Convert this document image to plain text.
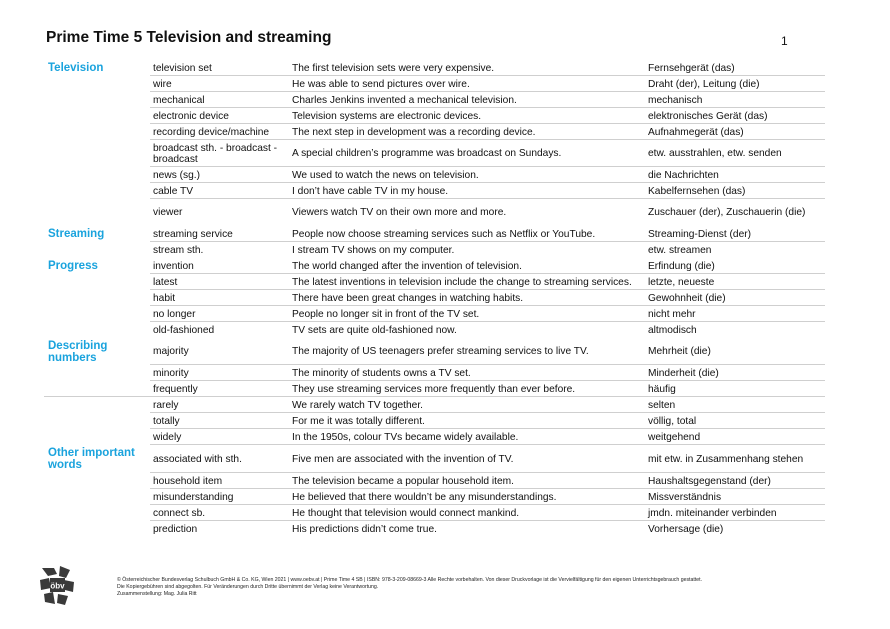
Prime Time 5 Television and streaming	1
Television	television set	The first television sets were very expensive.	Fernsehgerät (das)
wire	He was able to send pictures over wire.	Draht (der), Leitung (die)
mechanical	Charles Jenkins invented a mechanical television.	mechanisch
electronic device	Television systems are electronic devices.	elektronisches Gerät (das)
recording device/machine	The next step in development was a recording device.	Aufnahmegerät (das)
broadcast sth. - broadcast - broadcast	A special children’s programme was broadcast on Sundays.	etw. ausstrahlen, etw. senden
news (sg.)	We used to watch the news on television.	die Nachrichten
cable TV	I don’t have cable TV in my house.	Kabelfernsehen (das)
viewer	Viewers watch TV on their own more and more.	Zuschauer (der), Zuschauerin (die)
Streaming	streaming service	People now choose streaming services such as Netflix or YouTube.	Streaming-Dienst (der)
stream sth.	I stream TV shows on my computer.	etw. streamen
Progress	invention	The world changed after the invention of television.	Erfindung (die)
latest	The latest inventions in television include the change to streaming services.	letzte, neueste
habit	There have been great changes in watching habits.	Gewohnheit (die)
no longer	People no longer sit in front of the TV set.	nicht mehr
old-fashioned	TV sets are quite old-fashioned now.	altmodisch
Describing numbers	majority	The majority of US teenagers prefer streaming services to live TV.	Mehrheit (die)
minority	The minority of students owns a TV set.	Minderheit (die)
frequently	They use streaming services more frequently than ever before.	häufig
rarely	We rarely watch TV together.	selten
totally	For me it was totally different.	völlig, total
widely	In the 1950s, colour TVs became widely available.	weitgehend
Other important words	associated with sth.	Five men are associated with the invention of TV.	mit etw. in Zusammenhang stehen
household item	The television became a popular household item.	Haushaltsgegenstand (der)
misunderstanding	He believed that there wouldn’t be any misunderstandings.	Missverständnis
connect sb.	He thought that television would connect mankind.	jmdn. miteinander verbinden
prediction	His predictions didn’t come true.	Vorhersage (die)
öbv
© Österreichischer Bundesverlag Schulbuch GmbH & Co. KG, Wien 2021 | www.oebv.at | Prime Time 4 SB | ISBN: 978-3-209-08669-3 Alle Rechte vorbehalten. Von dieser Druckvorlage ist die Vervielfältigung für den eigenen Unterrichtsgebrauch gestattet.
Die Kopiergebühren sind abgegolten. Für Veränderungen durch Dritte übernimmt der Verlag keine Verantwortung.
Zusammenstellung: Mag. Julia Ritt
